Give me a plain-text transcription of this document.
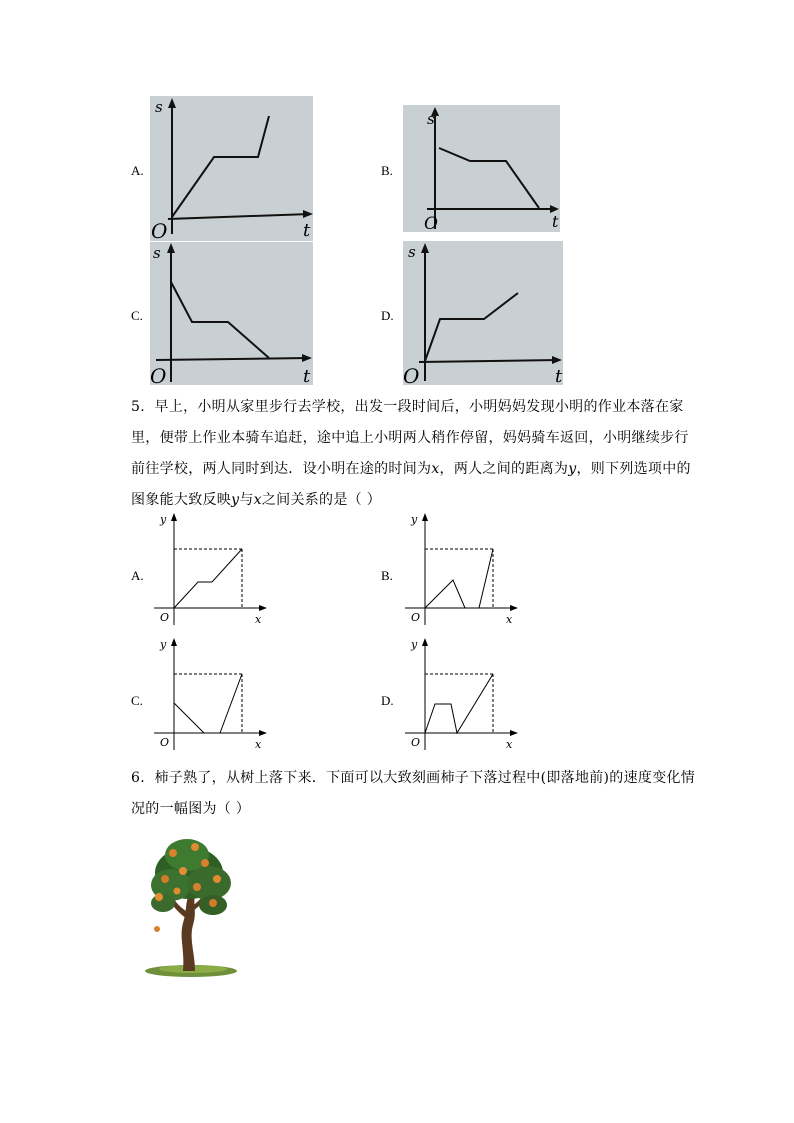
A.
s
O	t
B.
s
O	t
C.
s
O	t
D.
s
O	t
5. 早上，小明从家里步行去学校，出发一段时间后，小明妈妈发现小明的作业本落在家里，便带上作业本骑车追赶，途中追上小明两人稍作停留，妈妈骑车返回，小明继续步行前往学校，两人同时到达．设小明在途的时间为x，两人之间的距离为y，则下列选项中的图象能大致反映y与x之间关系的是（ ）
A.
y
O	x
B.
y
O	x
C.
y
O	x
D.
y
O	x
6. 柿子熟了，从树上落下来．下面可以大致刻画柿子下落过程中(即落地前)的速度变化情况的一幅图为（ ）
